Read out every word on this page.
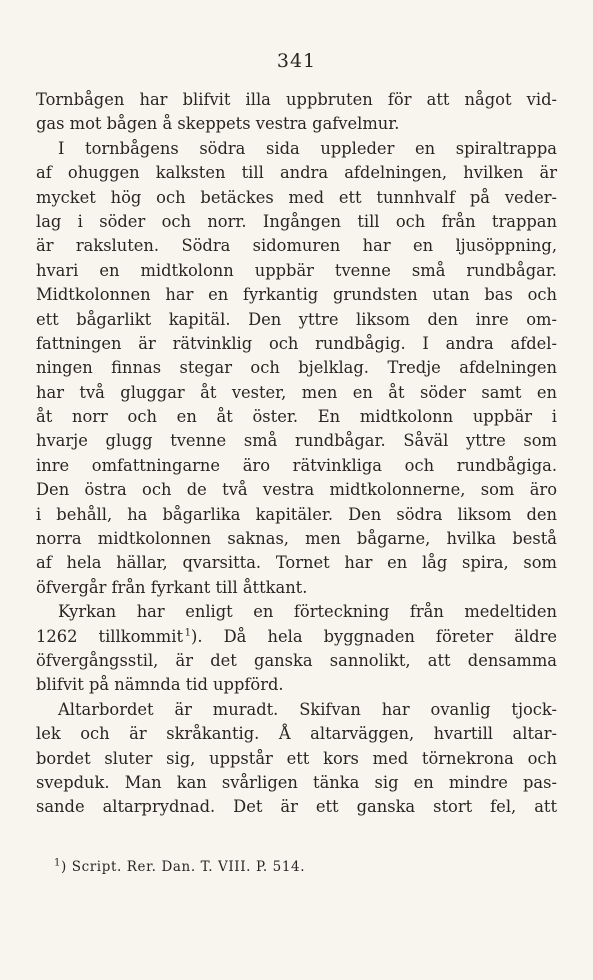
341
Tornbågen har blifvit illa uppbruten för att något vid-
gas mot bågen å skeppets vestra gafvelmur.
I tornbågens södra sida uppleder en spiraltrappa
af ohuggen kalksten till andra afdelningen, hvilken är
mycket hög och betäckes med ett tunnhvalf på veder-
lag i söder och norr. Ingången till och från trappan
är raksluten. Södra sidomuren har en ljusöppning,
hvari en midtkolonn uppbär tvenne små rundbågar.
Midtkolonnen har en fyrkantig grundsten utan bas och
ett bågarlikt kapitäl. Den yttre liksom den inre om-
fattningen är rätvinklig och rundbågig. I andra afdel-
ningen finnas stegar och bjelklag. Tredje afdelningen
har två gluggar åt vester, men en åt söder samt en
åt norr och en åt öster. En midtkolonn uppbär i
hvarje glugg tvenne små rundbågar. Såväl yttre som
inre omfattningarne äro rätvinkliga och rundbågiga.
Den östra och de två vestra midtkolonnerne, som äro
i behåll, ha bågarlika kapitäler. Den södra liksom den
norra midtkolonnen saknas, men bågarne, hvilka bestå
af hela hällar, qvarsitta. Tornet har en låg spira, som
öfvergår från fyrkant till åttkant.
Kyrkan har enligt en förteckning från medeltiden
1262 tillkommit  $^1$). Då hela byggnaden företer äldre
öfvergångsstil, är det ganska sannolikt, att densamma
blifvit på nämnda tid uppförd.
Altarbordet är muradt. Skifvan har ovanlig tjock-
lek och är skråkantig. Å altarväggen, hvartill altar-
bordet sluter sig, uppstår ett kors med törnekrona och
svepduk. Man kan svårligen tänka sig en mindre pas-
sande altarprydnad. Det är ett ganska stort fel, att
$^1$) Script. Rer. Dan. T. VIII. P. 514.
